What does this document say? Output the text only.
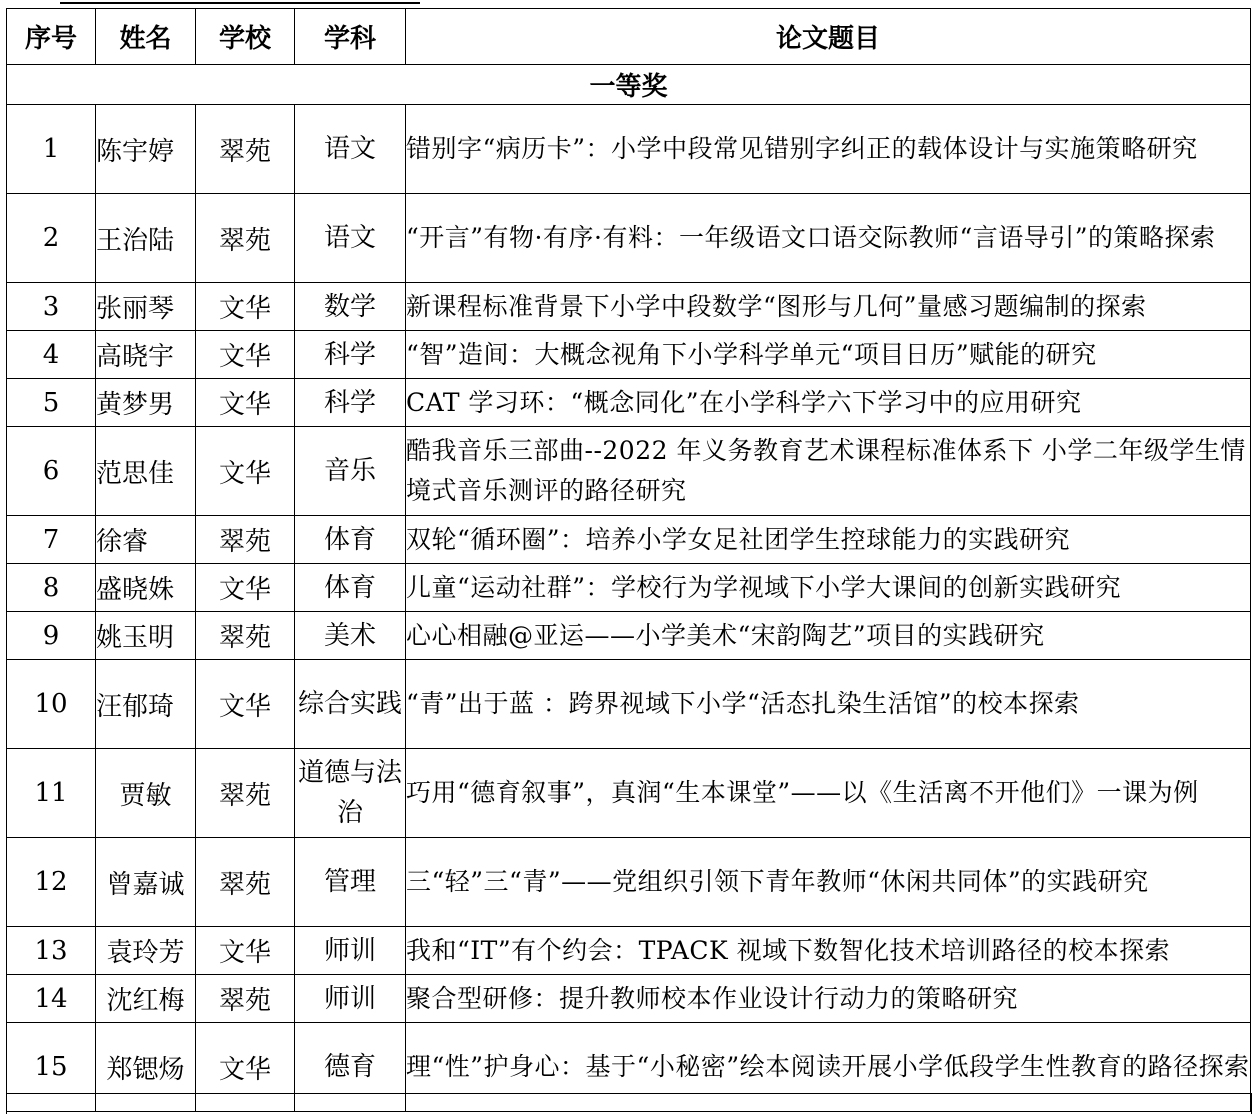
序号	姓名	学校	学科	论文题目
一等奖				
1	陈宇婷	翠苑	语文	错别字“病历卡”：小学中段常见错别字纠正的载体设计与实施策略研究
2	王治陆	翠苑	语文	“开言”有物·有序·有料：一年级语文口语交际教师“言语导引”的策略探索
3	张丽琴	文华	数学	新课程标准背景下小学中段数学“图形与几何”量感习题编制的探索
4	高晓宇	文华	科学	“智”造间：大概念视角下小学科学单元“项目日历”赋能的研究
5	黄梦男	文华	科学	CAT 学习环：“概念同化”在小学科学六下学习中的应用研究
6	范思佳	文华	音乐	酷我音乐三部曲--2022 年义务教育艺术课程标准体系下 小学二年级学生情境式音乐测评的路径研究
7	徐睿	翠苑	体育	双轮“循环圈”：培养小学女足社团学生控球能力的实践研究
8	盛晓姝	文华	体育	儿童“运动社群”：学校行为学视域下小学大课间的创新实践研究
9	姚玉明	翠苑	美术	心心相融@亚运——小学美术“宋韵陶艺”项目的实践研究
10	汪郁琦	文华	综合实践	“青”出于蓝 ：跨界视域下小学“活态扎染生活馆”的校本探索
11	贾敏	翠苑	道德与法治	巧用“德育叙事”，真润“生本课堂”——以《生活离不开他们》一课为例
12	曾嘉诚	翠苑	管理	三“轻”三“青”——党组织引领下青年教师“休闲共同体”的实践研究
13	袁玲芳	文华	师训	我和“IT”有个约会：TPACK 视域下数智化技术培训路径的校本探索
14	沈红梅	翠苑	师训	聚合型研修：提升教师校本作业设计行动力的策略研究
15	郑锶炀	文华	德育	理“性”护身心：基于“小秘密”绘本阅读开展小学低段学生性教育的路径探索
